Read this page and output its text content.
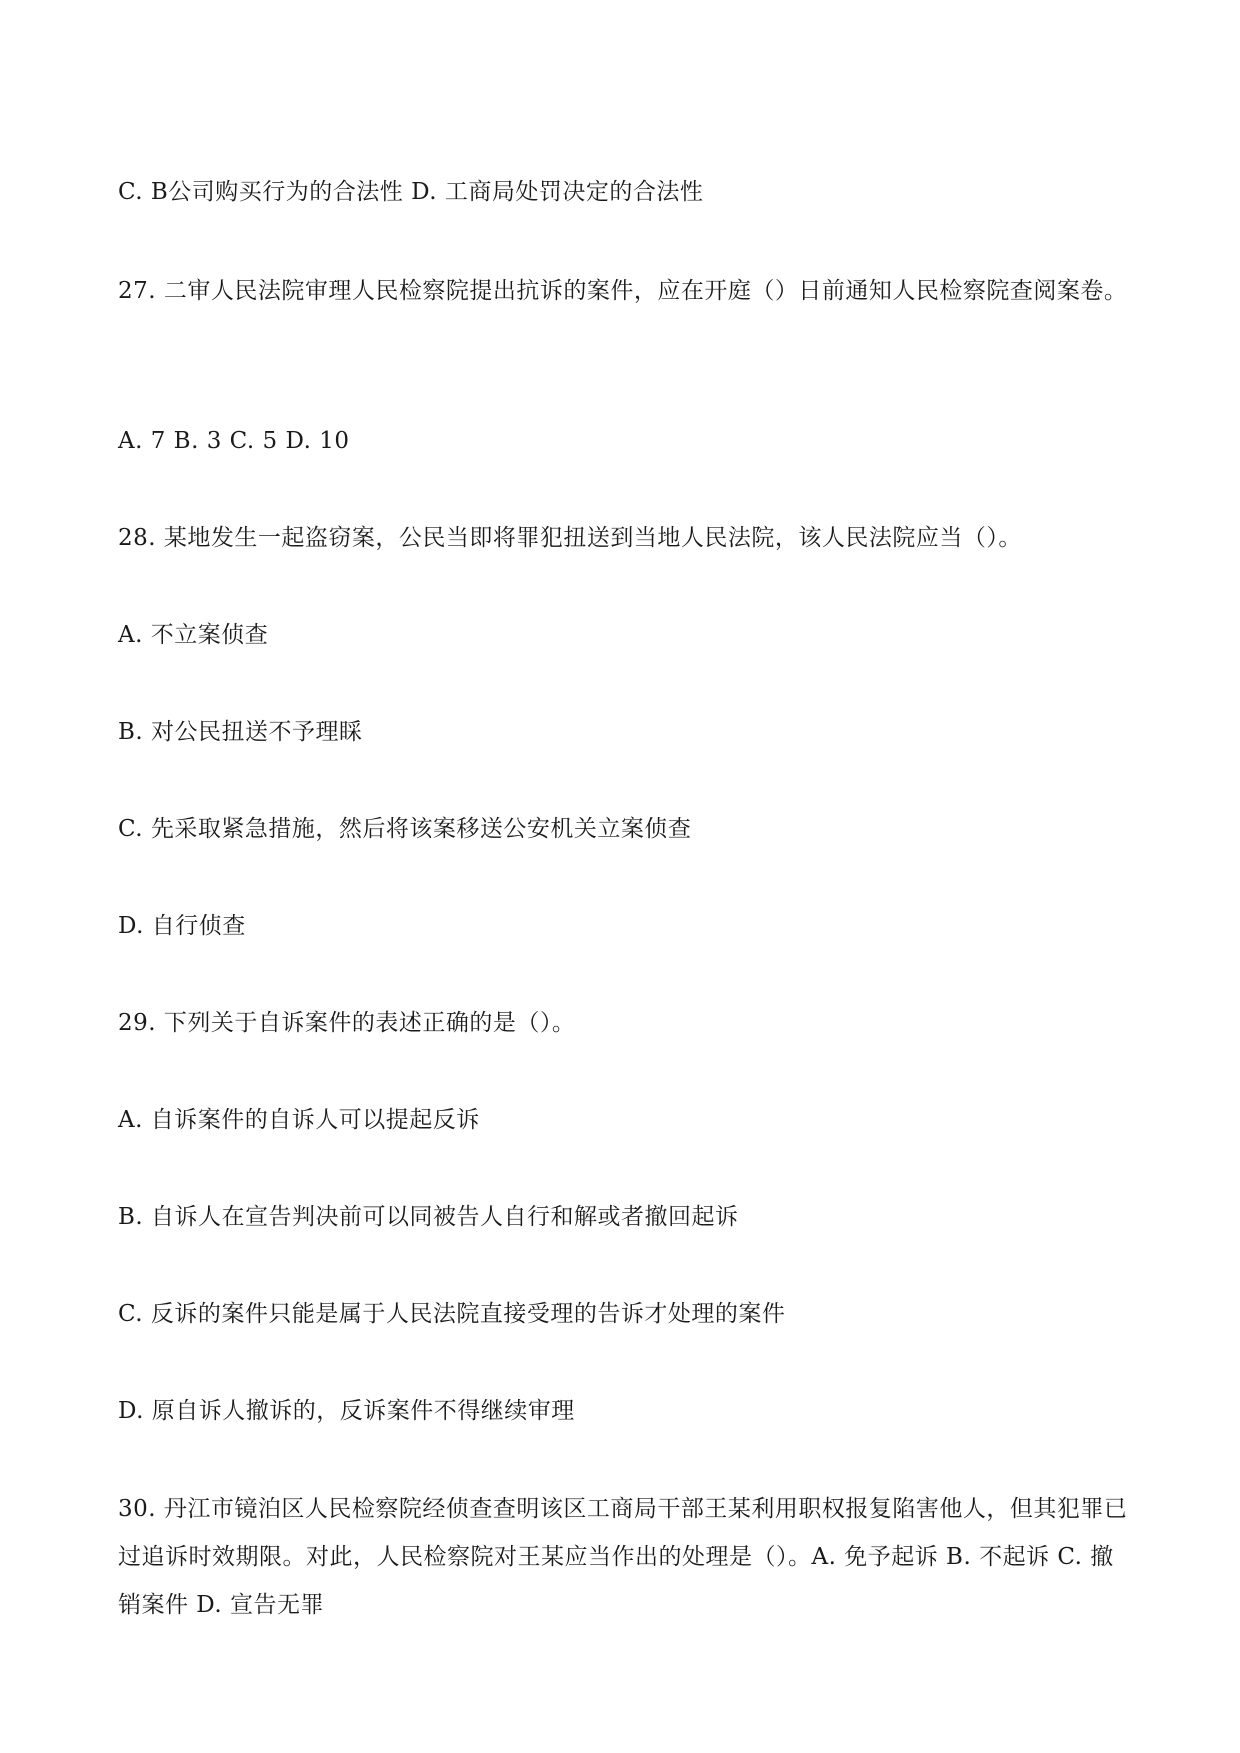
C. B公司购买行为的合法性 D. 工商局处罚决定的合法性
27. 二审人民法院审理人民检察院提出抗诉的案件，应在开庭（）日前通知人民检察院查阅案卷。
A. 7 B. 3 C. 5 D. 10
28. 某地发生一起盗窃案，公民当即将罪犯扭送到当地人民法院，该人民法院应当（）。
A. 不立案侦查
B. 对公民扭送不予理睬
C. 先采取紧急措施，然后将该案移送公安机关立案侦查
D. 自行侦查
29. 下列关于自诉案件的表述正确的是（）。
A. 自诉案件的自诉人可以提起反诉
B. 自诉人在宣告判决前可以同被告人自行和解或者撤回起诉
C. 反诉的案件只能是属于人民法院直接受理的告诉才处理的案件
D. 原自诉人撤诉的，反诉案件不得继续审理
30. 丹江市镜泊区人民检察院经侦查查明该区工商局干部王某利用职权报复陷害他人，但其犯罪已过追诉时效期限。对此，人民检察院对王某应当作出的处理是（）。A. 免予起诉 B. 不起诉 C. 撤销案件 D. 宣告无罪
